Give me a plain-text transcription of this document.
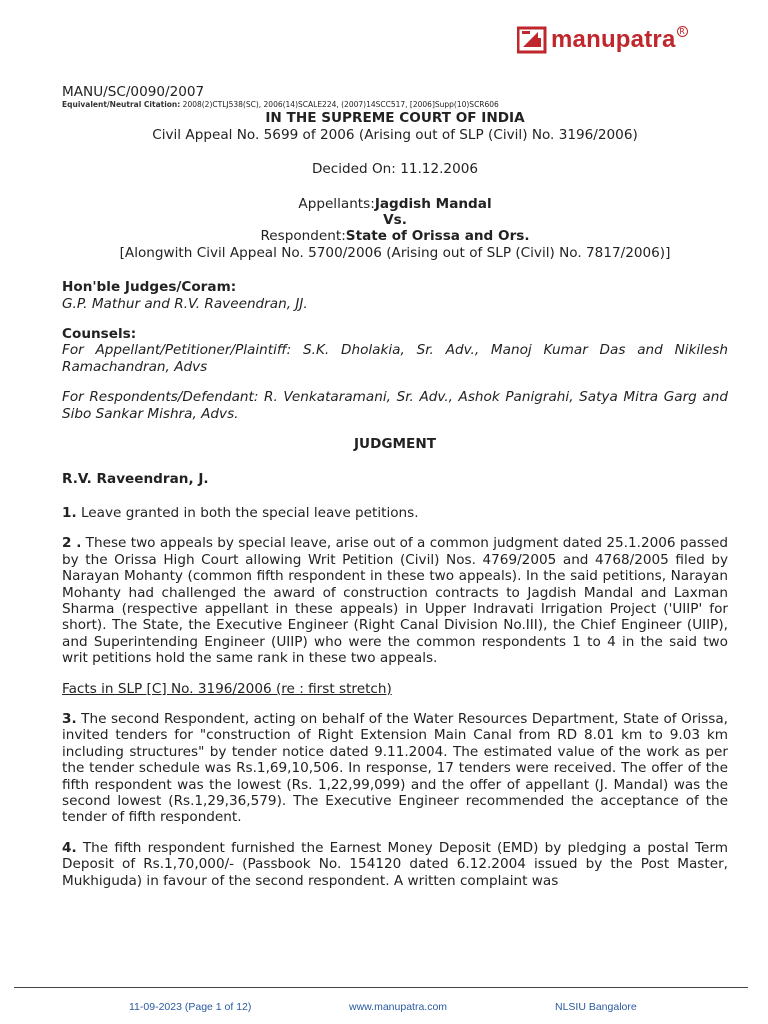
manupatra R

MANU/SC/0090/2007

Equivalent/Neutral Citation: 2008(2)CTLJ538(SC), 2006(14)SCALE224, (2007)14SCC517, [2006]Supp(10)SCR606

IN THE SUPREME COURT OF INDIA

Civil Appeal No. 5699 of 2006 (Arising out of SLP (Civil) No. 3196/2006)

Decided On: 11.12.2006

Appellants:Jagdish Mandal

Vs.

Respondent:State of Orissa and Ors.

[Alongwith Civil Appeal No. 5700/2006 (Arising out of SLP (Civil) No. 7817/2006)]

Hon'ble Judges/Coram:

G.P. Mathur and R.V. Raveendran, JJ.

Counsels:

For Appellant/Petitioner/Plaintiff: S.K. Dholakia, Sr. Adv., Manoj Kumar Das and Nikilesh Ramachandran, Advs

For Respondents/Defendant: R. Venkataramani, Sr. Adv., Ashok Panigrahi, Satya Mitra Garg and Sibo Sankar Mishra, Advs.

JUDGMENT

R.V. Raveendran, J.

1. Leave granted in both the special leave petitions.

2 . These two appeals by special leave, arise out of a common judgment dated 25.1.2006 passed by the Orissa High Court allowing Writ Petition (Civil) Nos. 4769/2005 and 4768/2005 filed by Narayan Mohanty (common fifth respondent in these two appeals). In the said petitions, Narayan Mohanty had challenged the award of construction contracts to Jagdish Mandal and Laxman Sharma (respective appellant in these appeals) in Upper Indravati Irrigation Project ('UIIP' for short). The State, the Executive Engineer (Right Canal Division No.III), the Chief Engineer (UIIP), and Superintending Engineer (UIIP) who were the common respondents 1 to 4 in the said two writ petitions hold the same rank in these two appeals.

Facts in SLP [C] No. 3196/2006 (re : first stretch)

3. The second Respondent, acting on behalf of the Water Resources Department, State of Orissa, invited tenders for "construction of Right Extension Main Canal from RD 8.01 km to 9.03 km including structures" by tender notice dated 9.11.2004. The estimated value of the work as per the tender schedule was Rs.1,69,10,506. In response, 17 tenders were received. The offer of the fifth respondent was the lowest (Rs. 1,22,99,099) and the offer of appellant (J. Mandal) was the second lowest (Rs.1,29,36,579). The Executive Engineer recommended the acceptance of the tender of fifth respondent.

4. The fifth respondent furnished the Earnest Money Deposit (EMD) by pledging a postal Term Deposit of Rs.1,70,000/- (Passbook No. 154120 dated 6.12.2004 issued by the Post Master, Mukhiguda) in favour of the second respondent. A written complaint was

11-09-2023 (Page 1 of 12)	www.manupatra.com	NLSIU Bangalore
